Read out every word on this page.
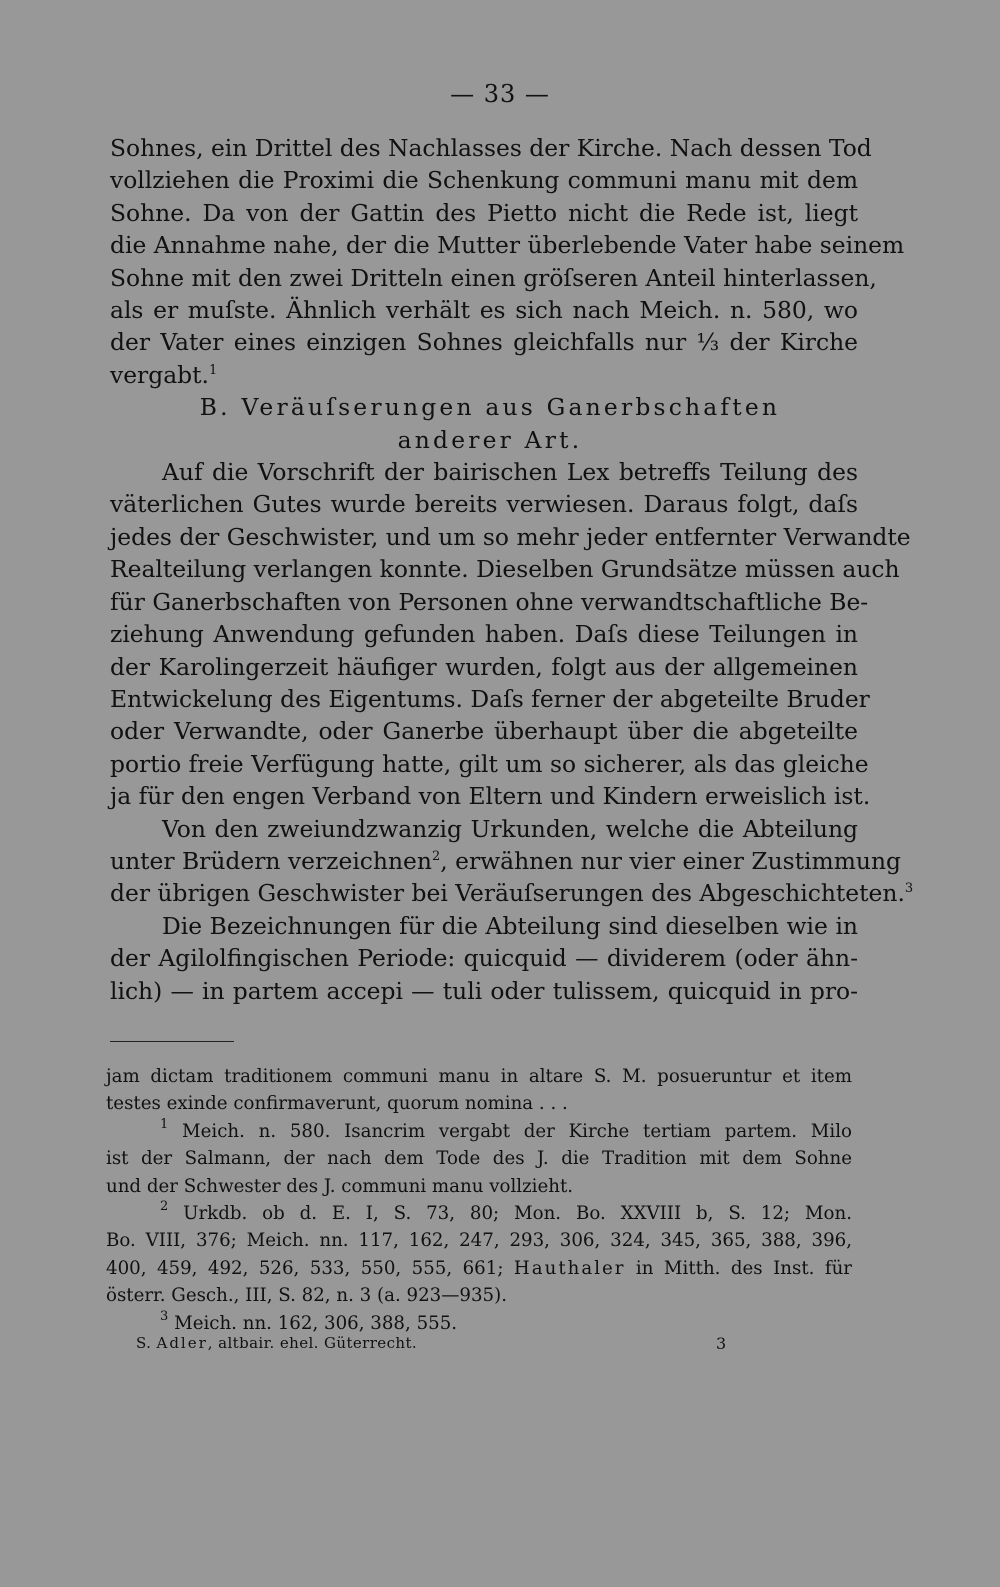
— 33 —
Sohnes, ein Drittel des Nachlasses der Kirche. Nach dessen Tod
vollziehen die Proximi die Schenkung communi manu mit dem
Sohne. Da von der Gattin des Pietto nicht die Rede ist, liegt
die Annahme nahe, der die Mutter überlebende Vater habe seinem
Sohne mit den zwei Dritteln einen gröſseren Anteil hinterlassen,
als er muſste. Ähnlich verhält es sich nach Meich. n. 580, wo
der Vater eines einzigen Sohnes gleichfalls nur ⅓ der Kirche
vergabt.$^1$
B. Veräuſserungen aus Ganerbschaften
anderer Art.
Auf die Vorschrift der bairischen Lex betreffs Teilung des
väterlichen Gutes wurde bereits verwiesen. Daraus folgt, daſs
jedes der Geschwister, und um so mehr jeder entfernter Verwandte
Realteilung verlangen konnte. Dieselben Grundsätze müssen auch
für Ganerbschaften von Personen ohne verwandtschaftliche Be-
ziehung Anwendung gefunden haben. Daſs diese Teilungen in
der Karolingerzeit häufiger wurden, folgt aus der allgemeinen
Entwickelung des Eigentums. Daſs ferner der abgeteilte Bruder
oder Verwandte, oder Ganerbe überhaupt über die abgeteilte
portio freie Verfügung hatte, gilt um so sicherer, als das gleiche
ja für den engen Verband von Eltern und Kindern erweislich ist.
Von den zweiundzwanzig Urkunden, welche die Abteilung
unter Brüdern verzeichnen$^2$, erwähnen nur vier einer Zustimmung
der übrigen Geschwister bei Veräuſserungen des Abgeschichteten.$^3$
Die Bezeichnungen für die Abteilung sind dieselben wie in
der Agilolfingischen Periode: quicquid — dividerem (oder ähn-
lich) — in partem accepi — tuli oder tulissem, quicquid in pro-
jam dictam traditionem communi manu in altare S. M. posueruntur et item
testes exinde confirmaverunt, quorum nomina . . .
$^1$ Meich. n. 580. Isancrim vergabt der Kirche tertiam partem. Milo
ist der Salmann, der nach dem Tode des J. die Tradition mit dem Sohne
und der Schwester des J. communi manu vollzieht.
$^2$ Urkdb. ob d. E. I, S. 73, 80; Mon. Bo. XXVIII b, S. 12; Mon.
Bo. VIII, 376; Meich. nn. 117, 162, 247, 293, 306, 324, 345, 365, 388, 396,
400, 459, 492, 526, 533, 550, 555, 661; Hauthaler in Mitth. des Inst. für
österr. Gesch., III, S. 82, n. 3 (a. 923—935).
$^3$ Meich. nn. 162, 306, 388, 555.
S. Adler, altbair. ehel. Güterrecht.	3
